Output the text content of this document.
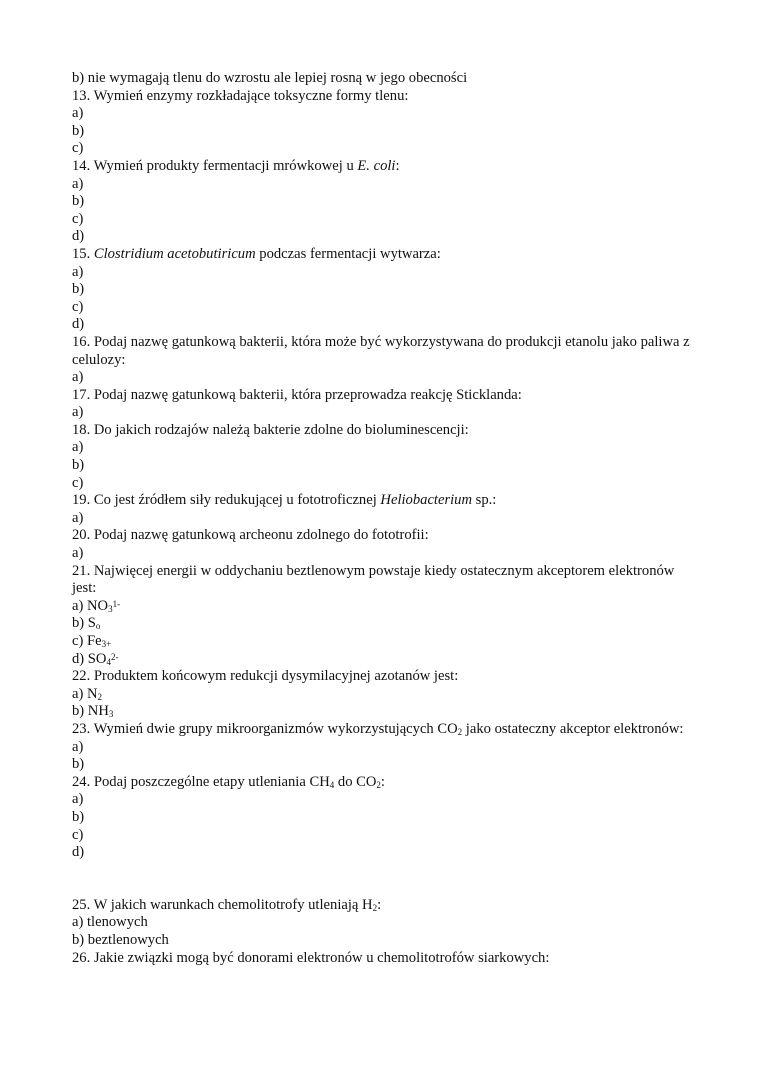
b) nie wymagają tlenu do wzrostu ale lepiej rosną w jego obecności
13. Wymień enzymy rozkładające toksyczne formy tlenu:
a)
b)
c)
14. Wymień produkty fermentacji mrówkowej u E. coli:
a)
b)
c)
d)
15. Clostridium acetobutiricum podczas fermentacji wytwarza:
a)
b)
c)
d)
16. Podaj nazwę gatunkową bakterii, która może być wykorzystywana do produkcji etanolu jako paliwa z celulozy:
a)
17. Podaj nazwę gatunkową bakterii, która przeprowadza reakcję Sticklanda:
a)
18. Do jakich rodzajów należą bakterie zdolne do bioluminescencji:
a)
b)
c)
19. Co jest źródłem siły redukującej u fototroficznej Heliobacterium sp.:
a)
20. Podaj nazwę gatunkową archeonu zdolnego do fototrofii:
a)
21. Najwięcej energii w oddychaniu beztlenowym powstaje kiedy ostatecznym akceptorem elektronów jest:
a) $NO_3^{1-}$
b) $S_o$
c) $Fe_{3+}$
d) $SO_4^{2-}$
22. Produktem końcowym redukcji dysymilacyjnej azotanów jest:
a) $N_2$
b) $NH_3$
23. Wymień dwie grupy mikroorganizmów wykorzystujących $CO_2$ jako ostateczny akceptor elektronów:
a)
b)
24. Podaj poszczególne etapy utleniania $CH_4$ do $CO_2$:
a)
b)
c)
d)
25. W jakich warunkach chemolitotrofy utleniają $H_2$:
a) tlenowych
b) beztlenowych
26. Jakie związki mogą być donorami elektronów u chemolitotrofów siarkowych:
